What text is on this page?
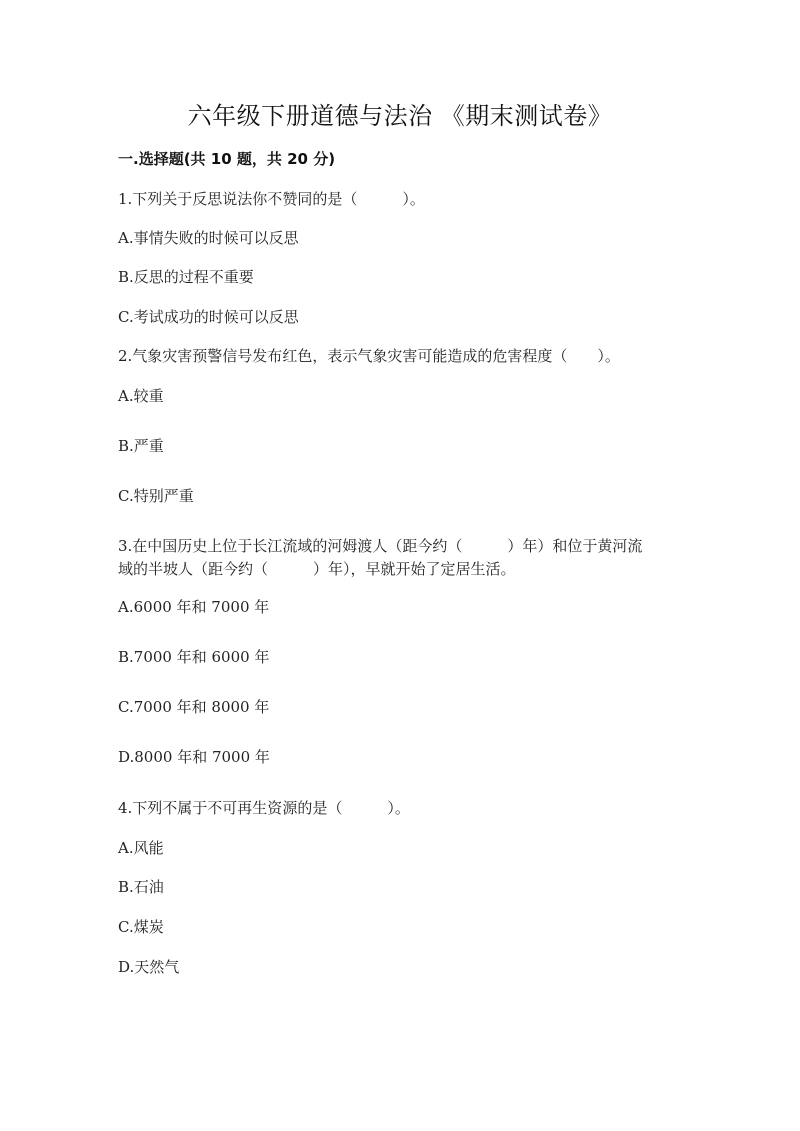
六年级下册道德与法治 《期末测试卷》
一.选择题(共 10 题，共 20 分)
1.下列关于反思说法你不赞同的是（　　　）。
A.事情失败的时候可以反思
B.反思的过程不重要
C.考试成功的时候可以反思
2.气象灾害预警信号发布红色，表示气象灾害可能造成的危害程度（　　）。
A.较重
B.严重
C.特别严重
3.在中国历史上位于长江流域的河姆渡人（距今约（　　　）年）和位于黄河流
域的半坡人（距今约（　　　）年），早就开始了定居生活。
A.6000 年和 7000 年
B.7000 年和 6000 年
C.7000 年和 8000 年
D.8000 年和 7000 年
4.下列不属于不可再生资源的是（　　　）。
A.风能
B.石油
C.煤炭
D.天然气
